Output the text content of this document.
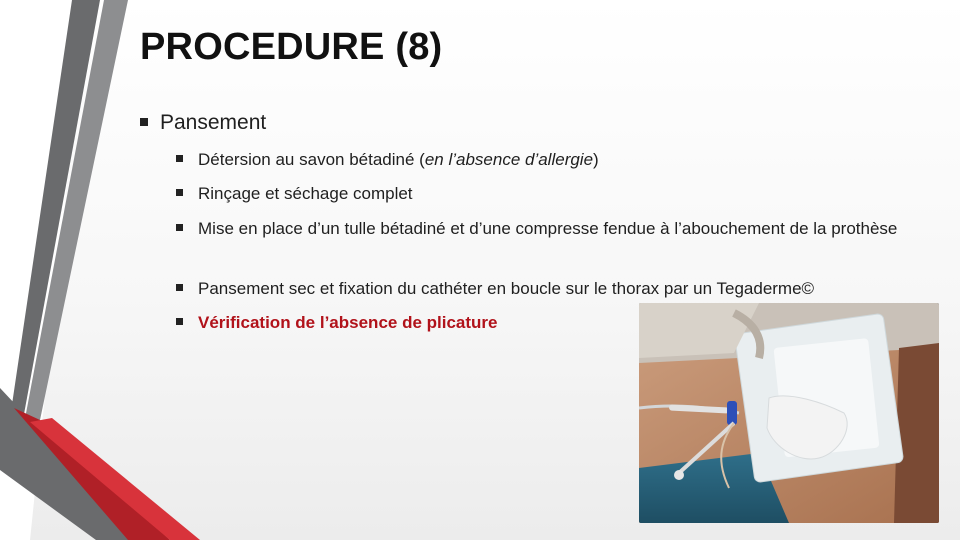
PROCEDURE (8)
Pansement
Détersion au savon bétadiné (en l’absence d’allergie)
Rinçage et séchage complet
Mise en place d’un tulle bétadiné et d’une compresse fendue à l’abouchement de la prothèse
Pansement sec et fixation du cathéter en boucle sur le thorax par un Tegaderme©
Vérification de l’absence de plicature
